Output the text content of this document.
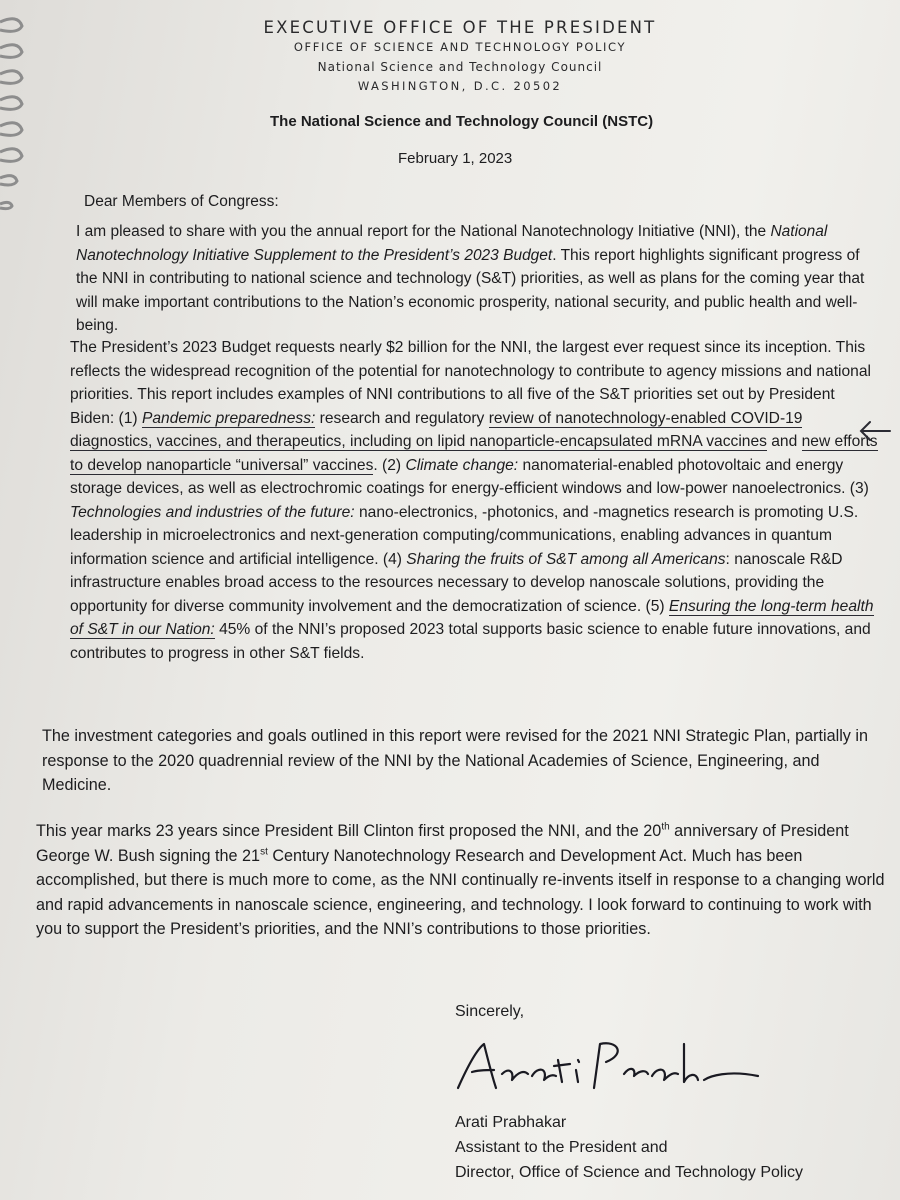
EXECUTIVE OFFICE OF THE PRESIDENT
OFFICE OF SCIENCE AND TECHNOLOGY POLICY
National Science and Technology Council
WASHINGTON, D.C. 20502
The National Science and Technology Council (NSTC)
February 1, 2023
Dear Members of Congress:
I am pleased to share with you the annual report for the National Nanotechnology Initiative (NNI), the National Nanotechnology Initiative Supplement to the President’s 2023 Budget. This report highlights significant progress of the NNI in contributing to national science and technology (S&T) priorities, as well as plans for the coming year that will make important contributions to the Nation’s economic prosperity, national security, and public health and well-being.
The President’s 2023 Budget requests nearly $2 billion for the NNI, the largest ever request since its inception. This reflects the widespread recognition of the potential for nanotechnology to contribute to agency missions and national priorities. This report includes examples of NNI contributions to all five of the S&T priorities set out by President Biden: (1) Pandemic preparedness: research and regulatory review of nanotechnology-enabled COVID-19 diagnostics, vaccines, and therapeutics, including on lipid nanoparticle-encapsulated mRNA vaccines and new efforts to develop nanoparticle “universal” vaccines. (2) Climate change: nanomaterial-enabled photovoltaic and energy storage devices, as well as electrochromic coatings for energy-efficient windows and low-power nanoelectronics. (3) Technologies and industries of the future: nano-electronics, -photonics, and -magnetics research is promoting U.S. leadership in microelectronics and next-generation computing/communications, enabling advances in quantum information science and artificial intelligence. (4) Sharing the fruits of S&T among all Americans: nanoscale R&D infrastructure enables broad access to the resources necessary to develop nanoscale solutions, providing the opportunity for diverse community involvement and the democratization of science. (5) Ensuring the long-term health of S&T in our Nation: 45% of the NNI’s proposed 2023 total supports basic science to enable future innovations, and contributes to progress in other S&T fields.
The investment categories and goals outlined in this report were revised for the 2021 NNI Strategic Plan, partially in response to the 2020 quadrennial review of the NNI by the National Academies of Science, Engineering, and Medicine.
This year marks 23 years since President Bill Clinton first proposed the NNI, and the 20th anniversary of President George W. Bush signing the 21st Century Nanotechnology Research and Development Act. Much has been accomplished, but there is much more to come, as the NNI continually re-invents itself in response to a changing world and rapid advancements in nanoscale science, engineering, and technology. I look forward to continuing to work with you to support the President’s priorities, and the NNI’s contributions to those priorities.
Sincerely,
Arati Prabhakar
Assistant to the President and
Director, Office of Science and Technology Policy
